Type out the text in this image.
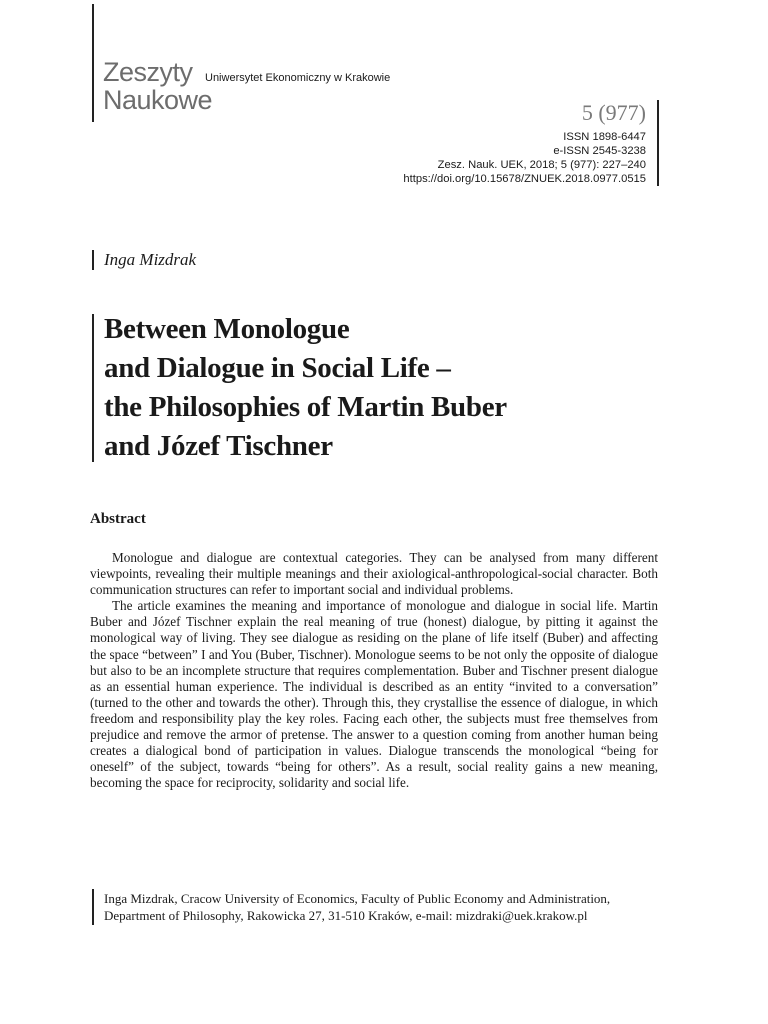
Zeszyty
Naukowe
Uniwersytet Ekonomiczny w Krakowie
5 (977)
ISSN 1898-6447
e-ISSN 2545-3238
Zesz. Nauk. UEK, 2018; 5 (977): 227–240
https://doi.org/10.15678/ZNUEK.2018.0977.0515
Inga Mizdrak
Between Monologue
and Dialogue in Social Life –
the Philosophies of Martin Buber
and Józef Tischner
Abstract

Monologue and dialogue are contextual categories. They can be analysed from many different viewpoints, revealing their multiple meanings and their axiological-anthropological-social character. Both communication structures can refer to important social and individual problems.

The article examines the meaning and importance of monologue and dialogue in social life. Martin Buber and Józef Tischner explain the real meaning of true (honest) dialogue, by pitting it against the monological way of living. They see dialogue as residing on the plane of life itself (Buber) and affecting the space “between” I and You (Buber, Tischner). Monologue seems to be not only the opposite of dialogue but also to be an incomplete structure that requires complementation. Buber and Tischner present dialogue as an essential human experience. The individual is described as an entity “invited to a conversation” (turned to the other and towards the other). Through this, they crystallise the essence of dialogue, in which freedom and responsibility play the key roles. Facing each other, the subjects must free themselves from prejudice and remove the armor of pretense. The answer to a question coming from another human being creates a dialogical bond of participation in values. Dialogue transcends the monological “being for oneself” of the subject, towards “being for others”. As a result, social reality gains a new meaning, becoming the space for reciprocity, solidarity and social life.

Inga Mizdrak, Cracow University of Economics, Faculty of Public Economy and Administration,
Department of Philosophy, Rakowicka 27, 31-510 Kraków, e-mail: mizdraki@uek.krakow.pl
